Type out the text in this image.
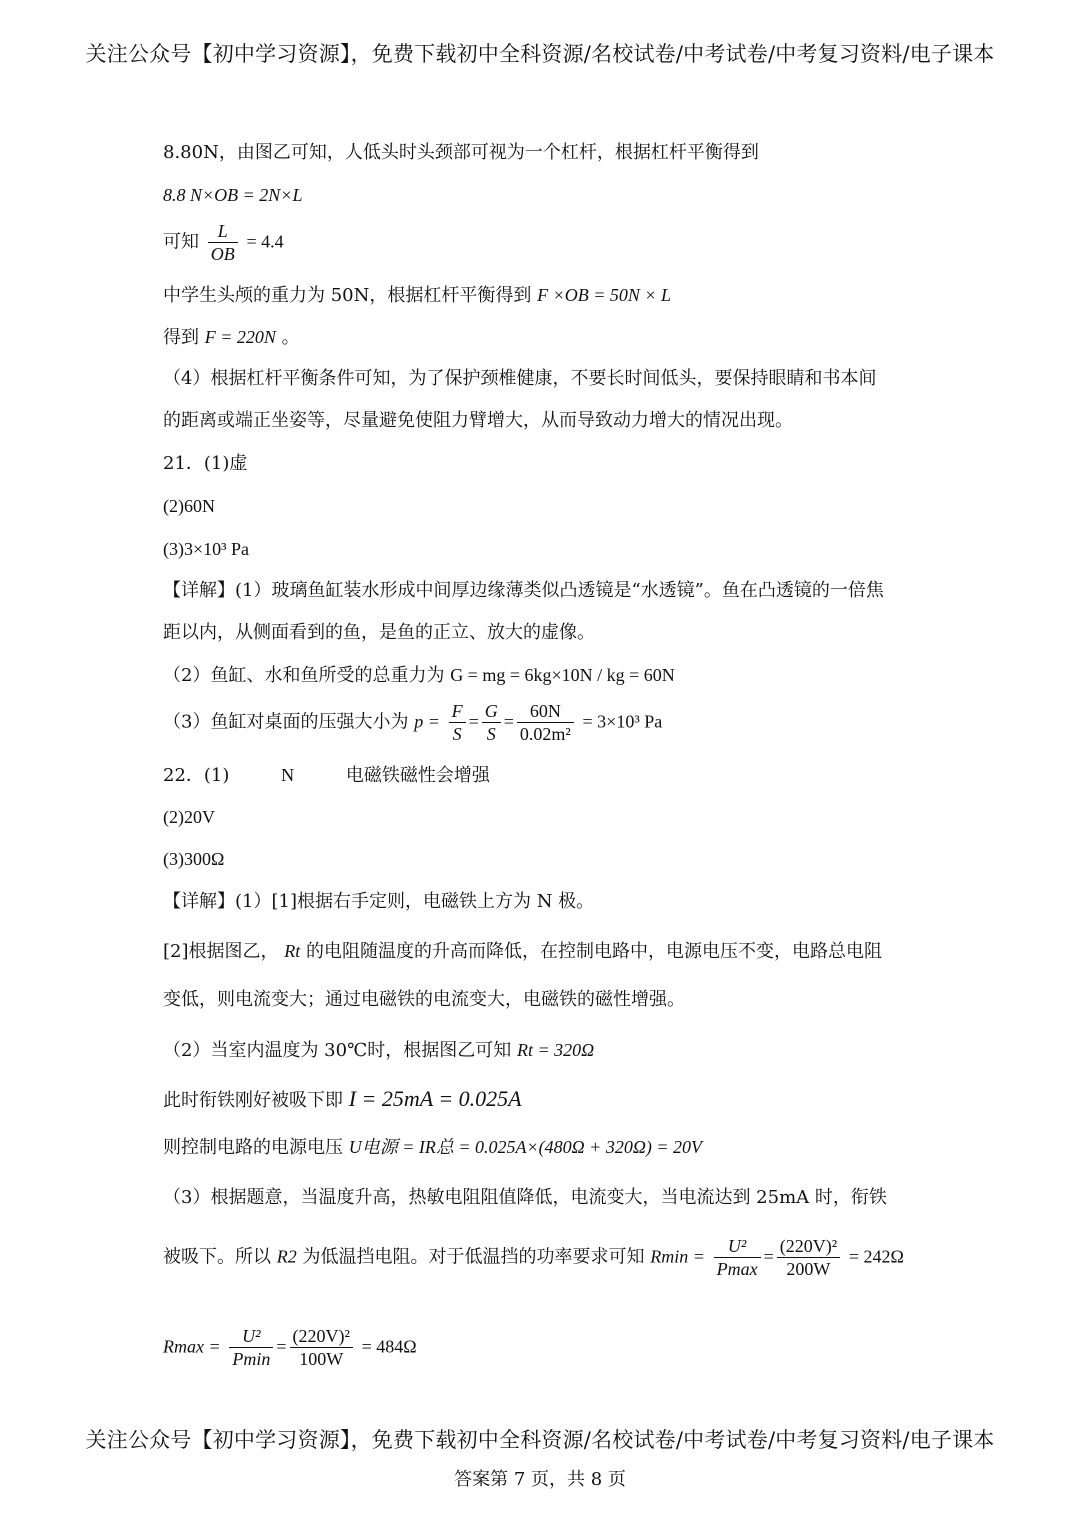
关注公众号【初中学习资源】，免费下载初中全科资源/名校试卷/中考试卷/中考复习资料/电子课本
8.80N，由图乙可知，人低头时头颈部可视为一个杠杆，根据杠杆平衡得到
8.8 N×OB = 2N×L
可知 $\frac{L}{OB} = 4.4$
中学生头颅的重力为 50N，根据杠杆平衡得到 F ×OB = 50N × L
得到 F = 220N 。
（4）根据杠杆平衡条件可知，为了保护颈椎健康，不要长时间低头，要保持眼睛和书本间
的距离或端正坐姿等，尽量避免使阻力臂增大，从而导致动力增大的情况出现。
21．(1)虚
(2)60N
(3)3×10³ Pa
【详解】(1）玻璃鱼缸装水形成中间厚边缘薄类似凸透镜是“水透镜”。鱼在凸透镜的一倍焦
距以内，从侧面看到的鱼，是鱼的正立、放大的虚像。
（2）鱼缸、水和鱼所受的总重力为 G = mg = 6kg×10N / kg = 60N
（3）鱼缸对桌面的压强大小为 $p = \frac{F}{S} = \frac{G}{S} = \frac{60N}{\text{0.02m²}} = 3\times 10^3$ Pa
22．(1)	N	电磁铁磁性会增强
(2)20V
(3)300Ω
【详解】(1）[1]根据右手定则，电磁铁上方为 N 极。
[2]根据图乙， Rt 的电阻随温度的升高而降低，在控制电路中，电源电压不变，电路总电阻
变低，则电流变大；通过电磁铁的电流变大，电磁铁的磁性增强。
（2）当室内温度为 30℃时，根据图乙可知 Rt = 320Ω
此时衔铁刚好被吸下即 I = 25mA = 0.025A
则控制电路的电源电压 U电源 = IR总 = 0.025A×(480Ω + 320Ω) = 20V
（3）根据题意，当温度升高，热敏电阻阻值降低，电流变大，当电流达到 25mA 时，衔铁
被吸下。所以 R2 为低温挡电阻。对于低温挡的功率要求可知 $Rmin = \frac{\text{U²}}{Pmax} = \frac{\text{(220V)²}}{200W} = 242\Omega$
$Rmax = \frac{\text{U²}}{Pmin} = \frac{\text{(220V)²}}{100W} = 484\Omega$
关注公众号【初中学习资源】，免费下载初中全科资源/名校试卷/中考试卷/中考复习资料/电子课本
答案第 7 页，共 8 页
